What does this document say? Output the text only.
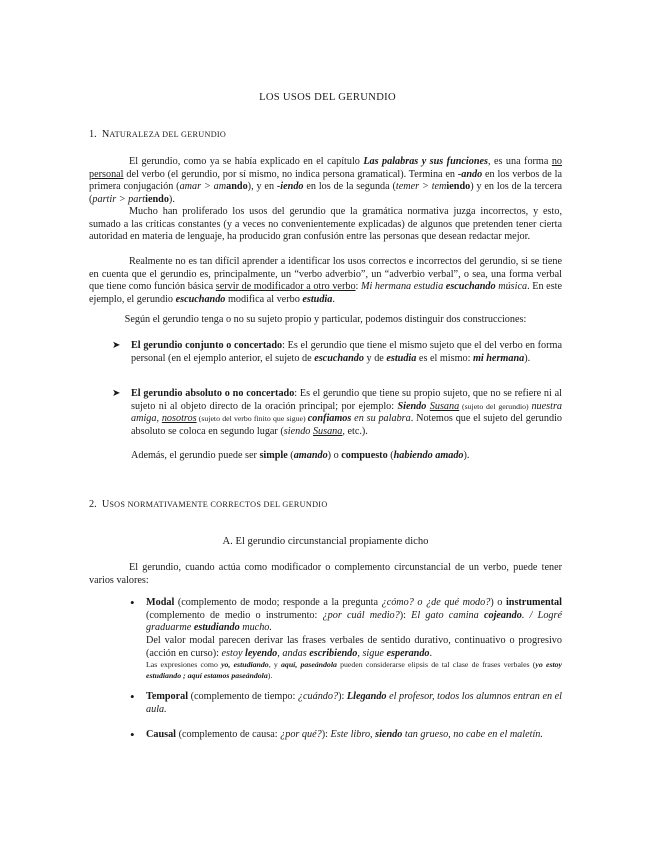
LOS USOS DEL GERUNDIO
1. NATURALEZA DEL GERUNDIO
El gerundio, como ya se había explicado en el capítulo Las palabras y sus funciones, es una forma no personal del verbo (el gerundio, por sí mismo, no indica persona gramatical). Termina en -ando en los verbos de la primera conjugación (amar > amando), y en -iendo en los de la segunda (temer > temiendo) y en los de la tercera (partir > partiendo).
Mucho han proliferado los usos del gerundio que la gramática normativa juzga incorrectos, y esto, sumado a las críticas constantes (y a veces no convenientemente explicadas) de algunos que pretenden tener cierta autoridad en materia de lenguaje, ha producido gran confusión entre las personas que desean redactar mejor.
Realmente no es tan difícil aprender a identificar los usos correctos e incorrectos del gerundio, si se tiene en cuenta que el gerundio es, principalmente, un “verbo adverbio”, un “adverbio verbal”, o sea, una forma verbal que tiene como función básica servir de modificador a otro verbo: Mi hermana estudia escuchando música. En este ejemplo, el gerundio escuchando modifica al verbo estudia.
Según el gerundio tenga o no su sujeto propio y particular, podemos distinguir dos construcciones:
➤ El gerundio conjunto o concertado: Es el gerundio que tiene el mismo sujeto que el del verbo en forma personal (en el ejemplo anterior, el sujeto de escuchando y de estudia es el mismo: mi hermana).
➤ El gerundio absoluto o no concertado: Es el gerundio que tiene su propio sujeto, que no se refiere ni al sujeto ni al objeto directo de la oración principal; por ejemplo: Siendo Susana (sujeto del gerundio) nuestra amiga, nosotros (sujeto del verbo finito que sigue) confiamos en su palabra. Notemos que el sujeto del gerundio absoluto se coloca en segundo lugar (siendo Susana, etc.).
Además, el gerundio puede ser simple (amando) o compuesto (habiendo amado).
2. USOS NORMATIVAMENTE CORRECTOS DEL GERUNDIO
A. El gerundio circunstancial propiamente dicho
El gerundio, cuando actúa como modificador o complemento circunstancial de un verbo, puede tener varios valores:
• Modal (complemento de modo; responde a la pregunta ¿cómo? o ¿de qué modo?) o instrumental (complemento de medio o instrumento: ¿por cuál medio?): El gato camina cojeando. / Logré graduarme estudiando mucho.
Del valor modal parecen derivar las frases verbales de sentido durativo, continuativo o progresivo (acción en curso): estoy leyendo, andas escribiendo, sigue esperando.
Las expresiones como yo, estudiando, y aquí, paseándola pueden considerarse elipsis de tal clase de frases verbales (yo estoy estudiando ; aquí estamos paseándola).
• Temporal (complemento de tiempo: ¿cuándo?): Llegando el profesor, todos los alumnos entran en el aula.
• Causal (complemento de causa: ¿por qué?): Este libro, siendo tan grueso, no cabe en el maletín.
